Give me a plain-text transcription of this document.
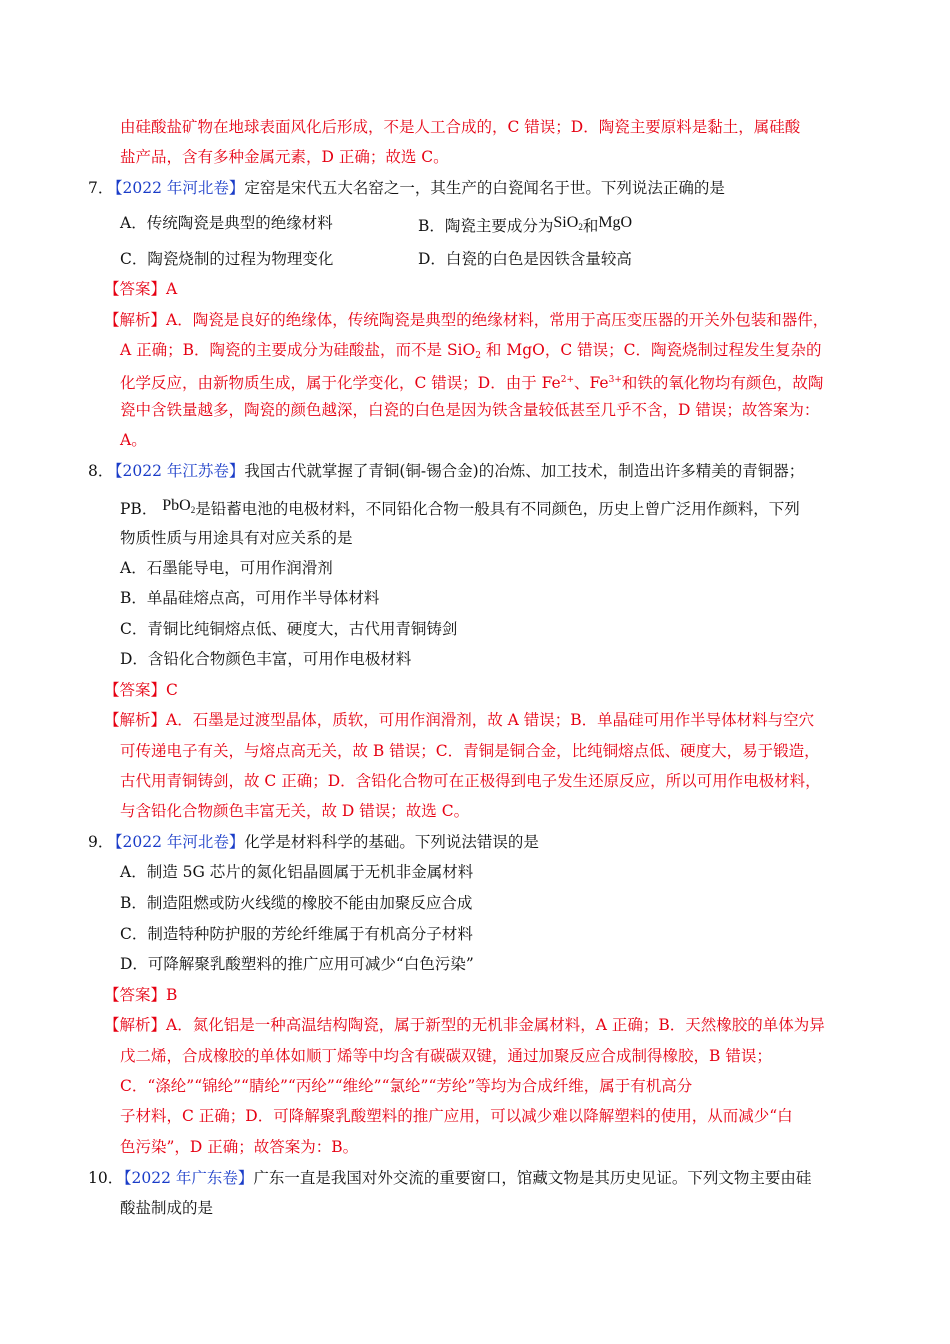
由硅酸盐矿物在地球表面风化后形成，不是人工合成的，C 错误；D．陶瓷主要原料是黏土，属硅酸
盐产品，含有多种金属元素，D 正确；故选 C。
7．
【2022 年河北卷】定窑是宋代五大名窑之一，其生产的白瓷闻名于世。下列说法正确的是
A．传统陶瓷是典型的绝缘材料	B．陶瓷主要成分为SiO$_2$和MgO
C．陶瓷烧制的过程为物理变化	D．白瓷的白色是因铁含量较高
【答案】A
【解析】A．陶瓷是良好的绝缘体，传统陶瓷是典型的绝缘材料，常用于高压变压器的开关外包装和器件，
A 正确；B．陶瓷的主要成分为硅酸盐，而不是 SiO$_2$ 和 MgO，C 错误；C．陶瓷烧制过程发生复杂的
化学反应，由新物质生成，属于化学变化，C 错误；D．由于 $Fe^{2+}$、$Fe^{3+}$和铁的氧化物均有颜色，故陶
瓷中含铁量越多，陶瓷的颜色越深，白瓷的白色是因为铁含量较低甚至几乎不含，D 错误；故答案为：
A。
8．
【2022 年江苏卷】我国古代就掌握了青铜(铜-锡合金)的冶炼、加工技术，制造出许多精美的青铜器；
PB． PbO$_2$是铅蓄电池的电极材料，不同铅化合物一般具有不同颜色，历史上曾广泛用作颜料，下列
物质性质与用途具有对应关系的是
A．石墨能导电，可用作润滑剂
B．单晶硅熔点高，可用作半导体材料
C．青铜比纯铜熔点低、硬度大，古代用青铜铸剑
D．含铅化合物颜色丰富，可用作电极材料
【答案】C
【解析】A．石墨是过渡型晶体，质软，可用作润滑剂，故 A 错误；B．单晶硅可用作半导体材料与空穴
可传递电子有关，与熔点高无关，故 B 错误；C．青铜是铜合金，比纯铜熔点低、硬度大，易于锻造，
古代用青铜铸剑，故 C 正确；D．含铅化合物可在正极得到电子发生还原反应，所以可用作电极材料，
与含铅化合物颜色丰富无关，故 D 错误；故选 C。
9．
【2022 年河北卷】化学是材料科学的基础。下列说法错误的是
A．制造 5G 芯片的氮化铝晶圆属于无机非金属材料
B．制造阻燃或防火线缆的橡胶不能由加聚反应合成
C．制造特种防护服的芳纶纤维属于有机高分子材料
D．可降解聚乳酸塑料的推广应用可减少“白色污染”
【答案】B
【解析】A．氮化铝是一种高温结构陶瓷，属于新型的无机非金属材料，A 正确；B．天然橡胶的单体为异
戊二烯，合成橡胶的单体如顺丁烯等中均含有碳碳双键，通过加聚反应合成制得橡胶，B 错误；
C．“涤纶”“锦纶”“腈纶”“丙纶”“维纶”“氯纶”“芳纶”等均为合成纤维，属于有机高分
子材料，C 正确；D．可降解聚乳酸塑料的推广应用，可以减少难以降解塑料的使用，从而减少“白
色污染”，D 正确；故答案为：B。
10．
【2022 年广东卷】广东一直是我国对外交流的重要窗口，馆藏文物是其历史见证。下列文物主要由硅
酸盐制成的是
